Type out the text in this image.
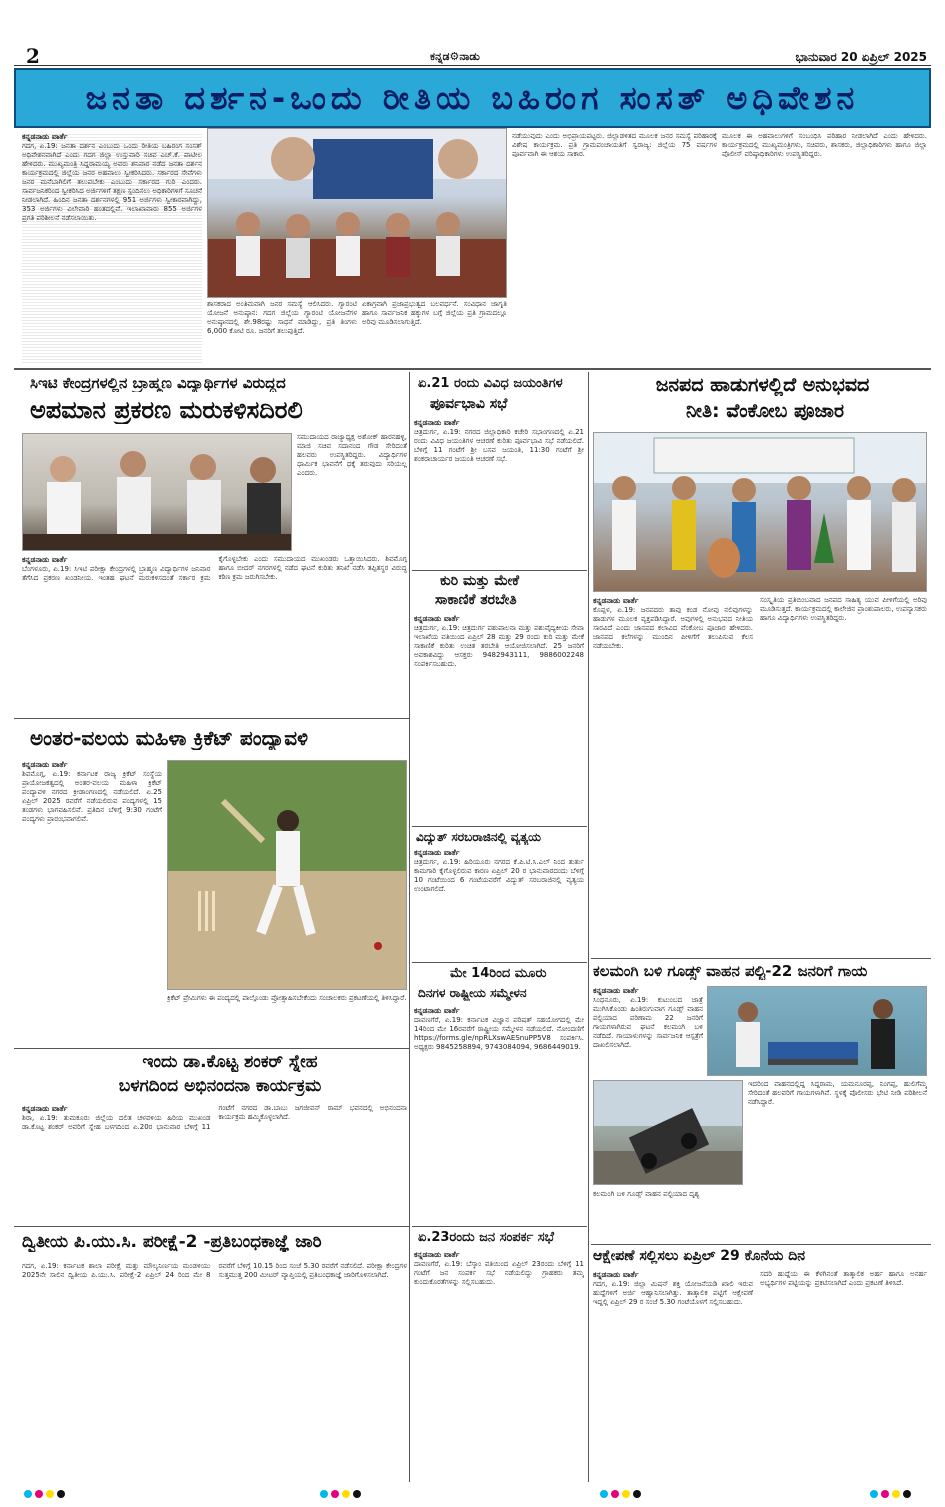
2	ಕನ್ನಡ⚙ನಾಡು	ಭಾನುವಾರ 20 ಏಪ್ರಿಲ್ 2025
ಜನತಾ ದರ್ಶನ-ಒಂದು ರೀತಿಯ ಬಹಿರಂಗ ಸಂಸತ್ ಅಧಿವೇಶನ
ಕನ್ನಡನಾಡು ವಾರ್ತೆ
ಗದಗ, ಏ.19: ಜನತಾ ದರ್ಶನ ಎಂಬುದು ಒಂದು ರೀತಿಯ ಬಹಿರಂಗ ಸಂಸತ್ ಅಧಿವೇಶನವಾಗಿದೆ ಎಂದು ಗದಗ ಜಿಲ್ಲಾ ಉಸ್ತುವಾರಿ ಸಚಿವ ಎಚ್.ಕೆ. ಪಾಟೀಲ ಹೇಳಿದರು. ಮುಖ್ಯಮಂತ್ರಿ ಸಿದ್ದರಾಮಯ್ಯ ಅವರು ಶನಿವಾರ ನಡೆದ ಜನತಾ ದರ್ಶನ ಕಾರ್ಯಕ್ರಮದಲ್ಲಿ ಜಿಲ್ಲೆಯ ಜನರ ಅಹವಾಲು ಸ್ವೀಕರಿಸಿದರು. ಸರ್ಕಾರದ ಸೇವೆಗಳು ಜನರ ಮನೆಬಾಗಿಲಿಗೆ ತಲುಪಬೇಕು ಎಂಬುದು ಸರ್ಕಾರದ ಗುರಿ ಎಂದರು. ಸಾರ್ವಜನಿಕರಿಂದ ಸ್ವೀಕರಿಸಿದ ಅರ್ಜಿಗಳಿಗೆ ತಕ್ಷಣ ಸ್ಪಂದಿಸಲು ಅಧಿಕಾರಿಗಳಿಗೆ ಸೂಚನೆ ನೀಡಲಾಗಿದೆ. ಹಿಂದಿನ ಜನತಾ ದರ್ಶನಗಳಲ್ಲಿ 951 ಅರ್ಜಿಗಳು ಸ್ವೀಕಾರವಾಗಿದ್ದು, 353 ಅರ್ಜಿಗಳು ವಿಲೇವಾರಿ ಹಂತದಲ್ಲಿವೆ. ಇಲಾಖಾವಾರು 855 ಅರ್ಜಿಗಳ ಪ್ರಗತಿ ಪರಿಶೀಲನೆ ನಡೆಸಲಾಯಿತು.
ಶಾಸಕರಾದ ಅಂತಿಮವಾಗಿ ಜನರ ಸಮಸ್ಯೆ ಆಲಿಸಿದರು. ಗ್ಯಾರಂಟಿ ಯೋಜನೆ ಅನುಷ್ಠಾನ: ಗದಗ ಜಿಲ್ಲೆಯ ಗ್ಯಾರಂಟಿ ಯೋಜನೆಗಳ ಅನುಷ್ಠಾನದಲ್ಲಿ ಶೇ.98ರಷ್ಟು ಸಾಧನೆ ಮಾಡಿದ್ದು, ಪ್ರತಿ ತಿಂಗಳು 6,000 ಕೋಟಿ ರೂ. ಜನರಿಗೆ ತಲುಪುತ್ತಿದೆ.
ಏಕಾಗ್ರವಾಗಿ ಪ್ರಜಾಪ್ರಭುತ್ವದ ಬಲವರ್ಧನೆ. ಸಂವಿಧಾನ ಜಾಗೃತಿ ಹಾಗೂ ಸಾರ್ವಜನಿಕ ಹಕ್ಕುಗಳ ಬಗ್ಗೆ ಜಿಲ್ಲೆಯ ಪ್ರತಿ ಗ್ರಾಮದಲ್ಲೂ ಅರಿವು ಮೂಡಿಸಲಾಗುತ್ತಿದೆ.
ನಡೆಯುವುದು ಎಂದು ಅಭಿಪ್ರಾಯಪಟ್ಟರು. ಜಿಲ್ಲಾಡಳಿತದ ಮೂಲಕ ಜನರ ಸಮಸ್ಯೆ ಪರಿಹಾರಕ್ಕೆ ವಿಶೇಷ ಕಾರ್ಯಕ್ರಮ. ಪ್ರತಿ ಗ್ರಾಮಪಂಚಾಯತಿಗೆ ಸ್ವರಾಜ್ಯ: ಜಿಲ್ಲೆಯ 75 ವರ್ಷಗಳ ಪೂರ್ವವಾಗಿ ಈ ಆಶಯ ಸಾಕಾರ.
ಮೂಲಕ ಈ ಅಹವಾಲುಗಳಿಗೆ ಸಂಬಂಧಿಸಿ ಪರಿಹಾರ ನೀಡಲಾಗಿದೆ ಎಂದು ಹೇಳಿದರು. ಕಾರ್ಯಕ್ರಮದಲ್ಲಿ ಮುಖ್ಯಮಂತ್ರಿಗಳು, ಸಚಿವರು, ಶಾಸಕರು, ಜಿಲ್ಲಾಧಿಕಾರಿಗಳು ಹಾಗೂ ಜಿಲ್ಲಾ ಪೊಲೀಸ್ ವರಿಷ್ಠಾಧಿಕಾರಿಗಳು ಉಪಸ್ಥಿತರಿದ್ದರು.
ಸಿಇಟಿ ಕೇಂದ್ರಗಳಲ್ಲಿನ ಬ್ರಾಹ್ಮಣ ವಿದ್ಯಾರ್ಥಿಗಳ ವಿರುದ್ಧದ
ಅಪಮಾನ ಪ್ರಕರಣ ಮರುಕಳಿಸದಿರಲಿ
ಸಮುದಾಯದ ರಾಜ್ಯಾಧ್ಯಕ್ಷ ಅಶೋಕ್ ಹಾರನಹಳ್ಳಿ, ಮಾಜಿ ಸಚಿವ ಸದಾನಂದ ಗೌಡ ಸೇರಿದಂತೆ ಹಲವರು ಉಪಸ್ಥಿತರಿದ್ದರು. ವಿದ್ಯಾರ್ಥಿಗಳ ಧಾರ್ಮಿಕ ಭಾವನೆಗೆ ಧಕ್ಕೆ ತರುವುದು ಸರಿಯಲ್ಲ ಎಂದರು.
ಕನ್ನಡನಾಡು ವಾರ್ತೆ
ಬೆಂಗಳೂರು, ಏ.19: ಸಿಇಟಿ ಪರೀಕ್ಷಾ ಕೇಂದ್ರಗಳಲ್ಲಿ ಬ್ರಾಹ್ಮಣ ವಿದ್ಯಾರ್ಥಿಗಳ ಜನಿವಾರ ತೆಗೆಸಿದ ಪ್ರಕರಣ ಖಂಡನೀಯ. ಇಂತಹ ಘಟನೆ ಮರುಕಳಿಸದಂತೆ ಸರ್ಕಾರ ಕ್ರಮ ಕೈಗೊಳ್ಳಬೇಕು ಎಂದು ಸಮುದಾಯದ ಮುಖಂಡರು ಒತ್ತಾಯಿಸಿದರು. ಶಿವಮೊಗ್ಗ ಹಾಗೂ ಬೀದರ್ ನಗರಗಳಲ್ಲಿ ನಡೆದ ಘಟನೆ ಕುರಿತು ತನಿಖೆ ನಡೆಸಿ ತಪ್ಪಿತಸ್ಥರ ವಿರುದ್ಧ ಕಠಿಣ ಕ್ರಮ ಜರುಗಿಸಬೇಕು.
ಅಂತರ-ವಲಯ ಮಹಿಳಾ ಕ್ರಿಕೆಟ್ ಪಂದ್ಯಾವಳಿ
ಕನ್ನಡನಾಡು ವಾರ್ತೆ
ಶಿವಮೊಗ್ಗ, ಏ.19: ಕರ್ನಾಟಕ ರಾಜ್ಯ ಕ್ರಿಕೆಟ್ ಸಂಸ್ಥೆಯ ಪ್ರಾಯೋಜಕತ್ವದಲ್ಲಿ ಅಂತರ-ವಲಯ ಮಹಿಳಾ ಕ್ರಿಕೆಟ್ ಪಂದ್ಯಾವಳಿ ನಗರದ ಕ್ರೀಡಾಂಗಣದಲ್ಲಿ ನಡೆಯಲಿದೆ. ಏ.25 ಏಪ್ರಿಲ್ 2025 ರವರೆಗೆ ನಡೆಯಲಿರುವ ಪಂದ್ಯಗಳಲ್ಲಿ 15 ತಂಡಗಳು ಭಾಗವಹಿಸಲಿವೆ. ಪ್ರತಿದಿನ ಬೆಳಿಗ್ಗೆ 9:30 ಗಂಟೆಗೆ ಪಂದ್ಯಗಳು ಪ್ರಾರಂಭವಾಗಲಿವೆ.
ಕ್ರಿಕೆಟ್ ಪ್ರೇಮಿಗಳು ಈ ಪಂದ್ಯದಲ್ಲಿ ಪಾಲ್ಗೊಂಡು ಪ್ರೋತ್ಸಾಹಿಸಬೇಕೆಂದು ಸಂಚಾಲಕರು ಪ್ರಕಟಣೆಯಲ್ಲಿ ತಿಳಿಸಿದ್ದಾರೆ.
ಇಂದು ಡಾ.ಕೊಟ್ಟ ಶಂಕರ್ ಸ್ನೇಹ
ಬಳಗದಿಂದ ಅಭಿನಂದನಾ ಕಾರ್ಯಕ್ರಮ
ಕನ್ನಡನಾಡು ವಾರ್ತೆ
ಶಿರಾ, ಏ.19: ತುಮಕೂರು ಜಿಲ್ಲೆಯ ದಲಿತ ಚಳವಳಿಯ ಹಿರಿಯ ಮುಖಂಡ ಡಾ.ಕೊಟ್ಟ ಶಂಕರ್ ಅವರಿಗೆ ಸ್ನೇಹ ಬಳಗದಿಂದ ಏ.20ರ ಭಾನುವಾರ ಬೆಳಿಗ್ಗೆ 11 ಗಂಟೆಗೆ ನಗರದ ಡಾ.ಬಾಬು ಜಗಜೀವನ್ ರಾಮ್ ಭವನದಲ್ಲಿ ಅಭಿನಂದನಾ ಕಾರ್ಯಕ್ರಮ ಹಮ್ಮಿಕೊಳ್ಳಲಾಗಿದೆ.
ದ್ವಿತೀಯ ಪಿ.ಯು.ಸಿ. ಪರೀಕ್ಷೆ-2 -ಪ್ರತಿಬಂಧಕಾಜ್ಞೆ ಜಾರಿ
ಗದಗ, ಏ.19: ಕರ್ನಾಟಕ ಶಾಲಾ ಪರೀಕ್ಷೆ ಮತ್ತು ಮೌಲ್ಯನಿರ್ಣಯ ಮಂಡಳಿಯು 2025ನೇ ಸಾಲಿನ ದ್ವಿತೀಯ ಪಿ.ಯು.ಸಿ. ಪರೀಕ್ಷೆ-2 ಏಪ್ರಿಲ್ 24 ರಿಂದ ಮೇ 8 ರವರೆಗೆ ಬೆಳಿಗ್ಗೆ 10.15 ರಿಂದ ಸಂಜೆ 5.30 ರವರೆಗೆ ನಡೆಸಲಿದೆ. ಪರೀಕ್ಷಾ ಕೇಂದ್ರಗಳ ಸುತ್ತಮುತ್ತ 200 ಮೀಟರ್ ವ್ಯಾಪ್ತಿಯಲ್ಲಿ ಪ್ರತಿಬಂಧಕಾಜ್ಞೆ ಜಾರಿಗೊಳಿಸಲಾಗಿದೆ.
ಏ.21 ರಂದು ವಿವಿಧ ಜಯಂತಿಗಳ
ಪೂರ್ವಭಾವಿ ಸಭೆ
ಕನ್ನಡನಾಡು ವಾರ್ತೆ
ಚಿತ್ರದುರ್ಗ, ಏ.19: ನಗರದ ಜಿಲ್ಲಾಧಿಕಾರಿ ಕಚೇರಿ ಸಭಾಂಗಣದಲ್ಲಿ ಏ.21 ರಂದು ವಿವಿಧ ಜಯಂತಿಗಳ ಆಚರಣೆ ಕುರಿತು ಪೂರ್ವಭಾವಿ ಸಭೆ ನಡೆಯಲಿದೆ. ಬೆಳಿಗ್ಗೆ 11 ಗಂಟೆಗೆ ಶ್ರೀ ಬಸವ ಜಯಂತಿ, 11:30 ಗಂಟೆಗೆ ಶ್ರೀ ಶಂಕರಾಚಾರ್ಯರ ಜಯಂತಿ ಆಚರಣೆ ಸಭೆ.
ಕುರಿ ಮತ್ತು ಮೇಕೆ
ಸಾಕಾಣಿಕೆ ತರಬೇತಿ
ಕನ್ನಡನಾಡು ವಾರ್ತೆ
ಚಿತ್ರದುರ್ಗ, ಏ.19: ಚಿತ್ರದುರ್ಗ ಪಶುಪಾಲನಾ ಮತ್ತು ಪಶುವೈದ್ಯಕೀಯ ಸೇವಾ ಇಲಾಖೆಯ ವತಿಯಿಂದ ಏಪ್ರಿಲ್ 28 ಮತ್ತು 29 ರಂದು ಕುರಿ ಮತ್ತು ಮೇಕೆ ಸಾಕಾಣಿಕೆ ಕುರಿತು ಉಚಿತ ತರಬೇತಿ ಆಯೋಜಿಸಲಾಗಿದೆ. 25 ಜನರಿಗೆ ಅವಕಾಶವಿದ್ದು ಆಸಕ್ತರು 9482943111, 9886002248 ಸಂಪರ್ಕಿಸಬಹುದು.
ವಿದ್ಯುತ್ ಸರಬರಾಜಿನಲ್ಲಿ ವ್ಯತ್ಯಯ
ಕನ್ನಡನಾಡು ವಾರ್ತೆ
ಚಿತ್ರದುರ್ಗ, ಏ.19: ಹಿರಿಯೂರು ನಗರದ ಕೆ.ಪಿ.ಟಿ.ಸಿ.ಎಲ್ ನಿಂದ ತುರ್ತು ಕಾಮಗಾರಿ ಕೈಗೊಳ್ಳಲಿರುವ ಕಾರಣ ಏಪ್ರಿಲ್ 20 ರ ಭಾನುವಾರದಂದು ಬೆಳಿಗ್ಗೆ 10 ಗಂಟೆಯಿಂದ 6 ಗಂಟೆಯವರೆಗೆ ವಿದ್ಯುತ್ ಸರಬರಾಜಿನಲ್ಲಿ ವ್ಯತ್ಯಯ ಉಂಟಾಗಲಿದೆ.
ಮೇ 14ರಿಂದ ಮೂರು
ದಿನಗಳ ರಾಷ್ಟ್ರೀಯ ಸಮ್ಮೇಳನ
ಕನ್ನಡನಾಡು ವಾರ್ತೆ
ದಾವಣಗೆರೆ, ಏ.19: ಕರ್ನಾಟಕ ವಿಜ್ಞಾನ ಪರಿಷತ್ ಸಹಯೋಗದಲ್ಲಿ ಮೇ 14ರಿಂದ ಮೇ 16ರವರೆಗೆ ರಾಷ್ಟ್ರೀಯ ಸಮ್ಮೇಳನ ನಡೆಯಲಿದೆ. ನೋಂದಣಿಗೆ https://forms.gle/npRLXswAESnuPP5V8 ಸಂಪರ್ಕಿಸಿ. ಅಧ್ಯಕ್ಷರು 9845258894, 9743084094, 9686449019.
ಏ.23ರಂದು ಜನ ಸಂಪರ್ಕ ಸಭೆ
ಕನ್ನಡನಾಡು ವಾರ್ತೆ
ದಾವಣಗೆರೆ, ಏ.19: ಬೆಸ್ಕಾಂ ವತಿಯಿಂದ ಏಪ್ರಿಲ್ 23ರಂದು ಬೆಳಿಗ್ಗೆ 11 ಗಂಟೆಗೆ ಜನ ಸಂಪರ್ಕ ಸಭೆ ನಡೆಯಲಿದ್ದು ಗ್ರಾಹಕರು ತಮ್ಮ ಕುಂದುಕೊರತೆಗಳನ್ನು ಸಲ್ಲಿಸಬಹುದು.
ಜನಪದ ಹಾಡುಗಳಲ್ಲಿದೆ ಅನುಭವದ
ನೀತಿ: ವೆಂಕೋಬ ಪೂಜಾರ
ಕನ್ನಡನಾಡು ವಾರ್ತೆ
ಕೊಪ್ಪಳ, ಏ.19: ಜನಪದರು ತಾವು ಕಂಡ ನೋವು ನಲಿವುಗಳನ್ನು ಹಾಡುಗಳ ಮೂಲಕ ವ್ಯಕ್ತಪಡಿಸಿದ್ದಾರೆ. ಅವುಗಳಲ್ಲಿ ಅನುಭವದ ನೀತಿಯ ಸಾರವಿದೆ ಎಂದು ಜಾನಪದ ಕಲಾವಿದ ವೆಂಕೋಬ ಪೂಜಾರ ಹೇಳಿದರು. ಜಾನಪದ ಕಲೆಗಳನ್ನು ಮುಂದಿನ ಪೀಳಿಗೆಗೆ ತಲುಪಿಸುವ ಕೆಲಸ ನಡೆಯಬೇಕು.
ಸಂಸ್ಕೃತಿಯ ಪ್ರತಿಬಿಂಬವಾದ ಜನಪದ ಸಾಹಿತ್ಯ ಯುವ ಪೀಳಿಗೆಯಲ್ಲಿ ಅರಿವು ಮೂಡಿಸುತ್ತದೆ. ಕಾರ್ಯಕ್ರಮದಲ್ಲಿ ಕಾಲೇಜಿನ ಪ್ರಾಂಶುಪಾಲರು, ಉಪನ್ಯಾಸಕರು ಹಾಗೂ ವಿದ್ಯಾರ್ಥಿಗಳು ಉಪಸ್ಥಿತರಿದ್ದರು.
ಕಲಮಂಗಿ ಬಳಿ ಗೂಡ್ಸ್ ವಾಹನ ಪಲ್ಟಿ-22 ಜನರಿಗೆ ಗಾಯ
ಕನ್ನಡನಾಡು ವಾರ್ತೆ
ಸಿಂಧನೂರು, ಏ.19: ಕುಟುಂಬದ ಜಾತ್ರೆ ಮುಗಿಸಿಕೊಂಡು ಹಿಂತಿರುಗುವಾಗ ಗೂಡ್ಸ್ ವಾಹನ ಪಲ್ಟಿಯಾದ ಪರಿಣಾಮ 22 ಜನರಿಗೆ ಗಾಯಗಳಾಗಿರುವ ಘಟನೆ ಕಲಮಂಗಿ ಬಳಿ ನಡೆದಿದೆ. ಗಾಯಾಳುಗಳನ್ನು ಸಾರ್ವಜನಿಕ ಆಸ್ಪತ್ರೆಗೆ ದಾಖಲಿಸಲಾಗಿದೆ.
ಇದರಿಂದ ವಾಹನದಲ್ಲಿದ್ದ ಸಿದ್ದರಾಮ, ಯಮನೂರಪ್ಪ, ನಿಂಗಪ್ಪ, ಹುಲಿಗೆಮ್ಮ ಸೇರಿದಂತೆ ಹಲವರಿಗೆ ಗಾಯಗಳಾಗಿವೆ. ಸ್ಥಳಕ್ಕೆ ಪೊಲೀಸರು ಭೇಟಿ ನೀಡಿ ಪರಿಶೀಲನೆ ನಡೆಸಿದ್ದಾರೆ.
ಕಲಮಂಗಿ ಬಳಿ ಗೂಡ್ಸ್ ವಾಹನ ಪಲ್ಟಿಯಾದ ದೃಶ್ಯ
ಆಕ್ಷೇಪಣೆ ಸಲ್ಲಿಸಲು ಏಪ್ರಿಲ್ 29 ಕೊನೆಯ ದಿನ
ಕನ್ನಡನಾಡು ವಾರ್ತೆ
ಗದಗ, ಏ.19: ಜಿಲ್ಲಾ ಮಿಷನ್ ಶಕ್ತಿ ಯೋಜನೆಯಡಿ ಖಾಲಿ ಇರುವ ಹುದ್ದೆಗಳಿಗೆ ಅರ್ಜಿ ಆಹ್ವಾನಿಸಲಾಗಿತ್ತು. ತಾತ್ಕಾಲಿಕ ಪಟ್ಟಿಗೆ ಆಕ್ಷೇಪಣೆ ಇದ್ದಲ್ಲಿ ಏಪ್ರಿಲ್ 29 ರ ಸಂಜೆ 5.30 ಗಂಟೆಯೊಳಗೆ ಸಲ್ಲಿಸಬಹುದು.
ಸದರಿ ಹುದ್ದೆಯ ಈ ಕೆಳಗಿನಂತೆ ತಾತ್ಕಾಲಿಕ ಅರ್ಹ ಹಾಗೂ ಅನರ್ಹ ಅಭ್ಯರ್ಥಿಗಳ ಪಟ್ಟಿಯನ್ನು ಪ್ರಕಟಿಸಲಾಗಿದೆ ಎಂದು ಪ್ರಕಟಣೆ ತಿಳಿಸಿದೆ.
